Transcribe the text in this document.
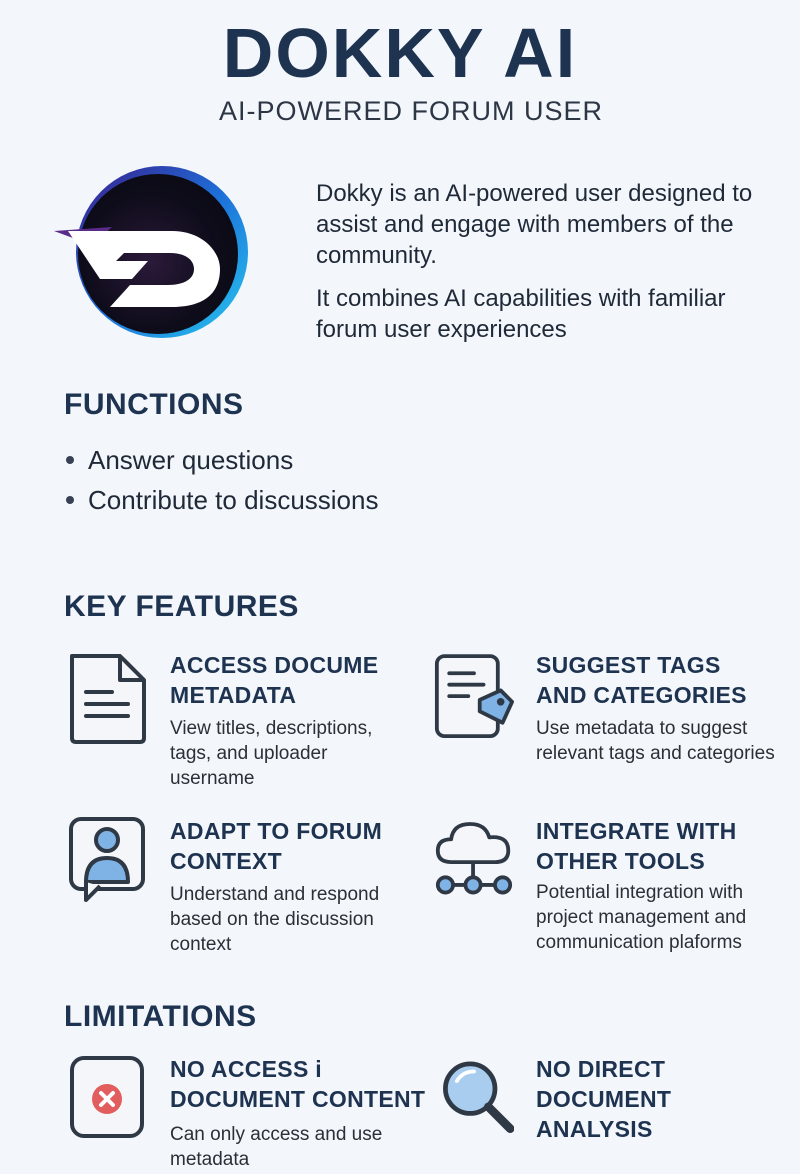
DOKKY AI
AI-POWERED FORUM USER

Dokky is an AI-powered user designed to assist and engage with members of the community.

It combines AI capabilities with familiar forum user experiences

FUNCTIONS
Answer questions
Contribute to discussions
KEY FEATURES
ACCESS DOCUME METADATA
View titles, descriptions, tags, and uploader username
SUGGEST TAGS AND CATEGORIES
Use metadata to suggest relevant tags and categories
ADAPT TO FORUM CONTEXT
Understand and respond based on the discussion context
INTEGRATE WITH OTHER TOOLS
Potential integration with project management and communication plaforms
LIMITATIONS
NO ACCESS i DOCUMENT CONTENT
Can only access and use metadata
NO DIRECT DOCUMENT ANALYSIS
